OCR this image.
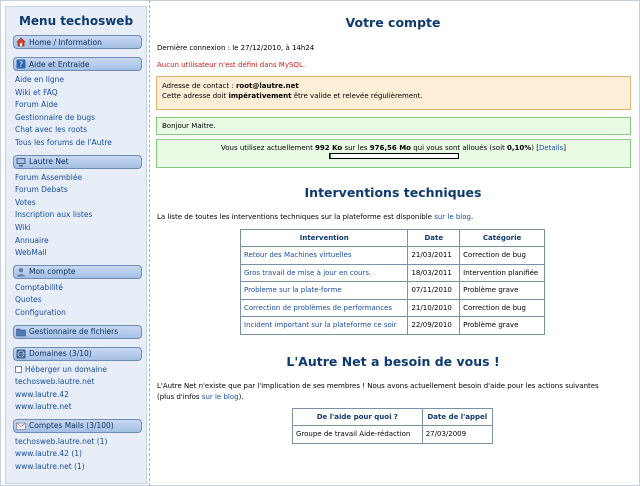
Menu techosweb
Home / Information
? Aide et Entraide
Aide en ligne
Wiki et FAQ
Forum Aide
Gestionnaire de bugs
Chat avec les roots
Tous les forums de l'Autre
Lautre Net
Forum Assemblée
Forum Debats
Votes
Inscription aux listes
Wiki
Annuaire
WebMail
Mon compte
Comptabilité
Quotes
Configuration
Gestionnaire de fichiers
Domaines (3/10)
Héberger un domaine
techosweb.lautre.net
www.lautre.42
www.lautre.net
Comptes Mails (3/100)
techosweb.lautre.net (1)
www.lautre.42 (1)
www.lautre.net (1)
Votre compte
Dernière connexion : le 27/12/2010, à 14h24
Aucun utilisateur n'est défini dans MySQL.
Adresse de contact : root@lautre.net
Cette adresse doit impérativement être valide et relevée régulièrement.
Bonjour Maitre.
Vous utilisez actuellement 992 Ko sur les 976,56 Mo qui vous sont alloués (soit 0,10%) [Details]
Interventions techniques
La liste de toutes les interventions techniques sur la plateforme est disponible sur le blog.
Intervention	Date	Catégorie
Retour des Machines virtuelles	21/03/2011	Correction de bug
Gros travail de mise à jour en cours.	18/03/2011	Intervention planifiée
Probleme sur la plate-forme	07/11/2010	Problème grave
Correction de problèmes de performances	21/10/2010	Correction de bug
Incident important sur la plateforme ce soir	22/09/2010	Problème grave
L'Autre Net a besoin de vous !
L'Autre Net n'existe que par l'implication de ses membres ! Nous avons actuellement besoin d'aide pour les actions suivantes
(plus d'infos sur le blog).
De l'aide pour quoi ?	Date de l'appel
Groupe de travail Aide-rédaction	27/03/2009
